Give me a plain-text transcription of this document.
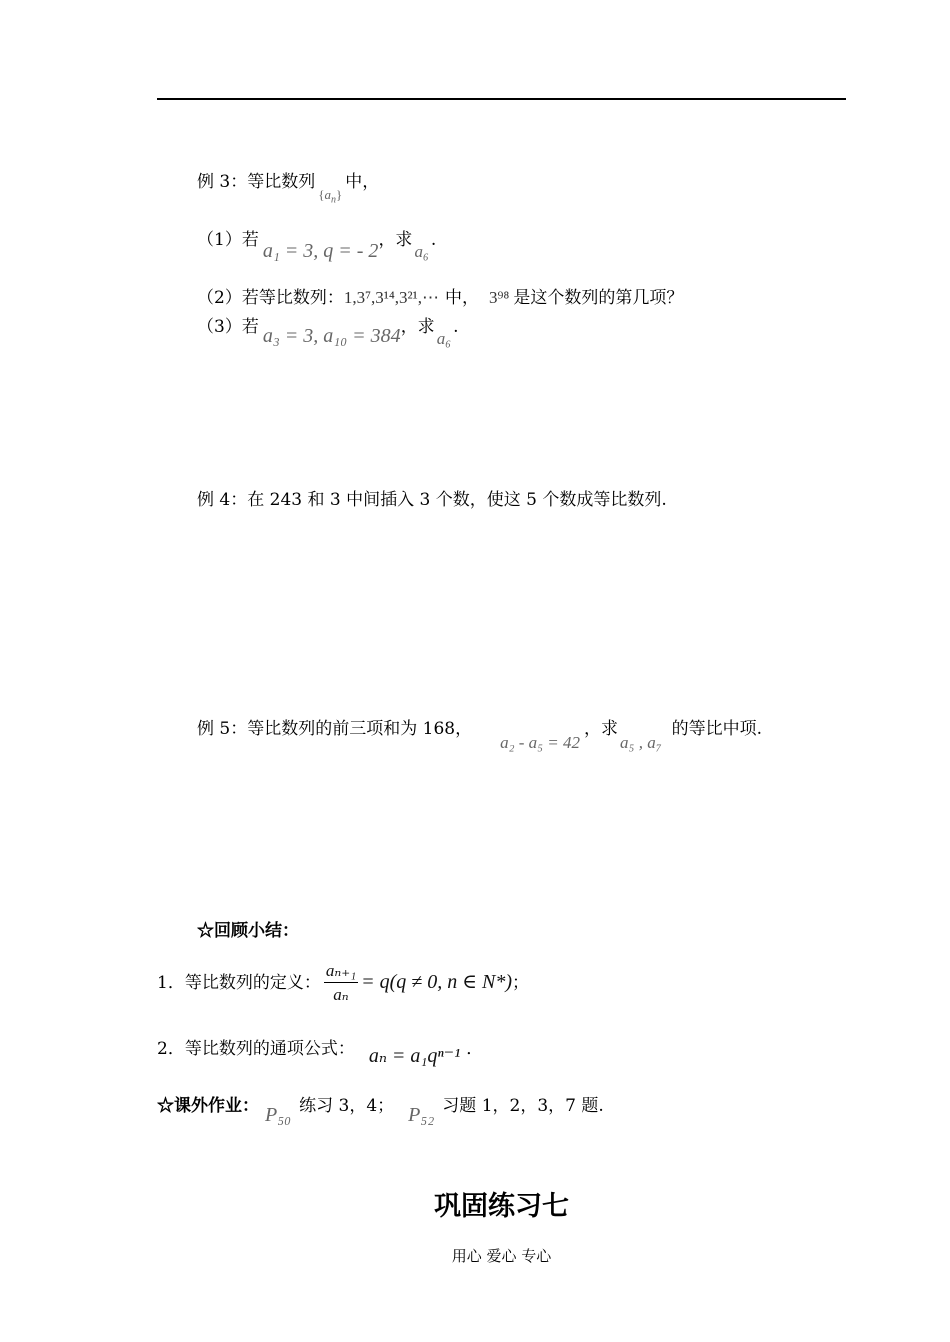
例 3：等比数列$_{\{a_n\}}$中，
（1）若 a₁ = 3, q = - 2，求a₆.
（2）若等比数列：1,3⁷,3¹⁴,3²¹,⋯ 中， 3⁹⁸ 是这个数列的第几项？
（3）若 a₃ = 3, a₁₀ = 384，求a₆.
例 4：在 243 和 3 中间插入 3 个数，使这 5 个数成等比数列.
例 5：等比数列的前三项和为 168，a₂ - a₅ = 42，求a₅ , a₇的等比中项.
☆回顾小结：
1．等比数列的定义： $\frac{\text{aₙ₊₁}}{\text{aₙ}} = q(q \ne 0$, n ∈ N*)；
2．等比数列的通项公式： aₙ = a₁qⁿ⁻¹ ．
☆课外作业： P₅₀ 练习 3，4； P₅₂ 习题 1，2，3，7 题.
巩固练习七
用心 爱心 专心
